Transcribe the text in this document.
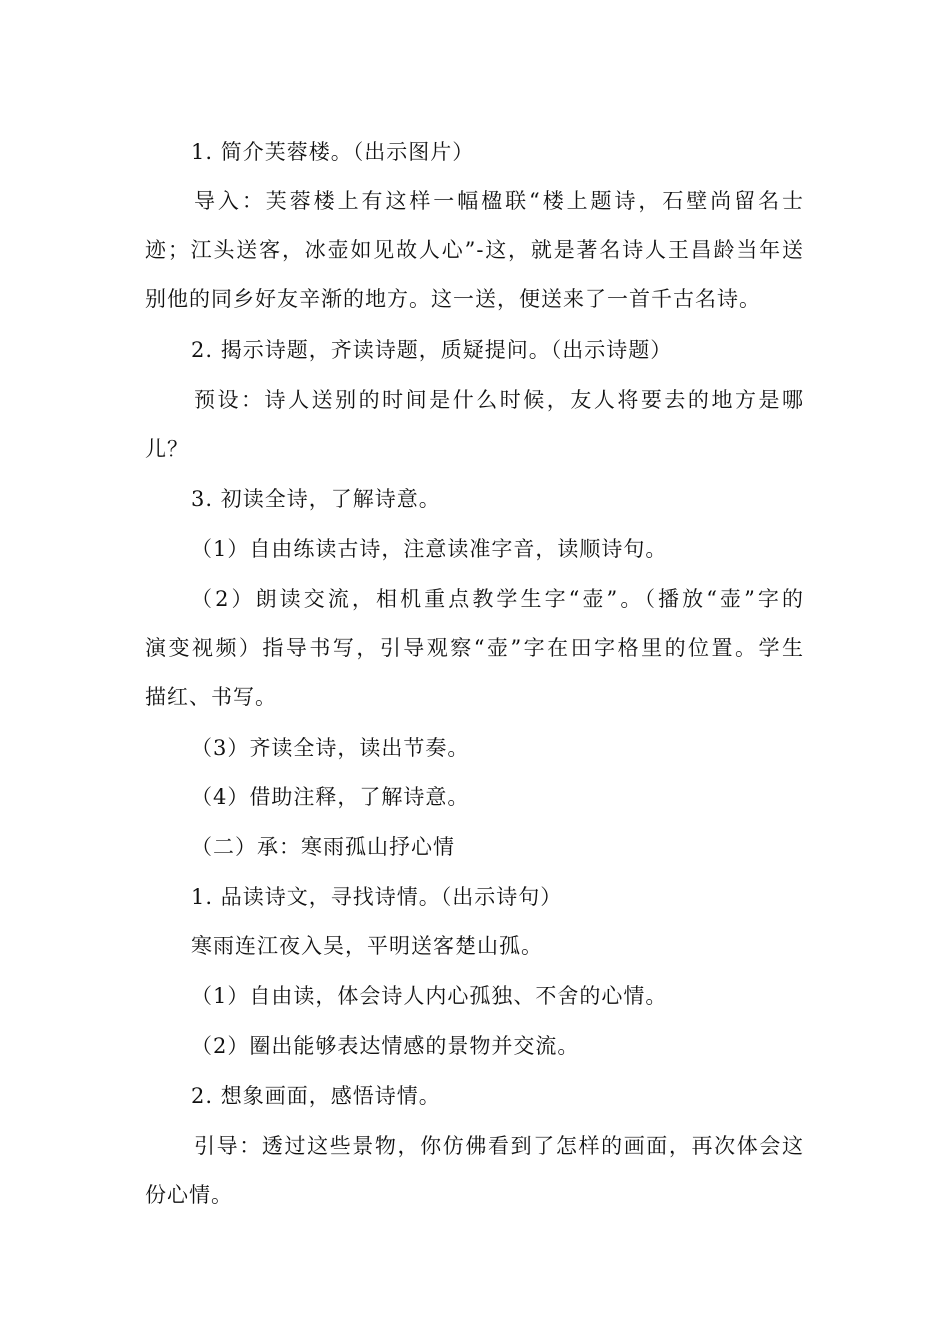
1. 简介芙蓉楼。（出示图片）
导入：芙蓉楼上有这样一幅楹联“楼上题诗，石壁尚留名士
迹；江头送客，冰壶如见故人心”-这，就是著名诗人王昌龄当年送
别他的同乡好友辛渐的地方。这一送，便送来了一首千古名诗。
2. 揭示诗题，齐读诗题，质疑提问。（出示诗题）
预设：诗人送别的时间是什么时候，友人将要去的地方是哪
儿？
3. 初读全诗，了解诗意。
（1）自由练读古诗，注意读准字音，读顺诗句。
（2）朗读交流，相机重点教学生字“壶”。（播放“壶”字的
演变视频）指导书写，引导观察“壶”字在田字格里的位置。学生
描红、书写。
（3）齐读全诗，读出节奏。
（4）借助注释，了解诗意。
（二）承：寒雨孤山抒心情
1. 品读诗文，寻找诗情。（出示诗句）
寒雨连江夜入吴，平明送客楚山孤。
（1）自由读，体会诗人内心孤独、不舍的心情。
（2）圈出能够表达情感的景物并交流。
2. 想象画面，感悟诗情。
引导：透过这些景物，你仿佛看到了怎样的画面，再次体会这
份心情。
